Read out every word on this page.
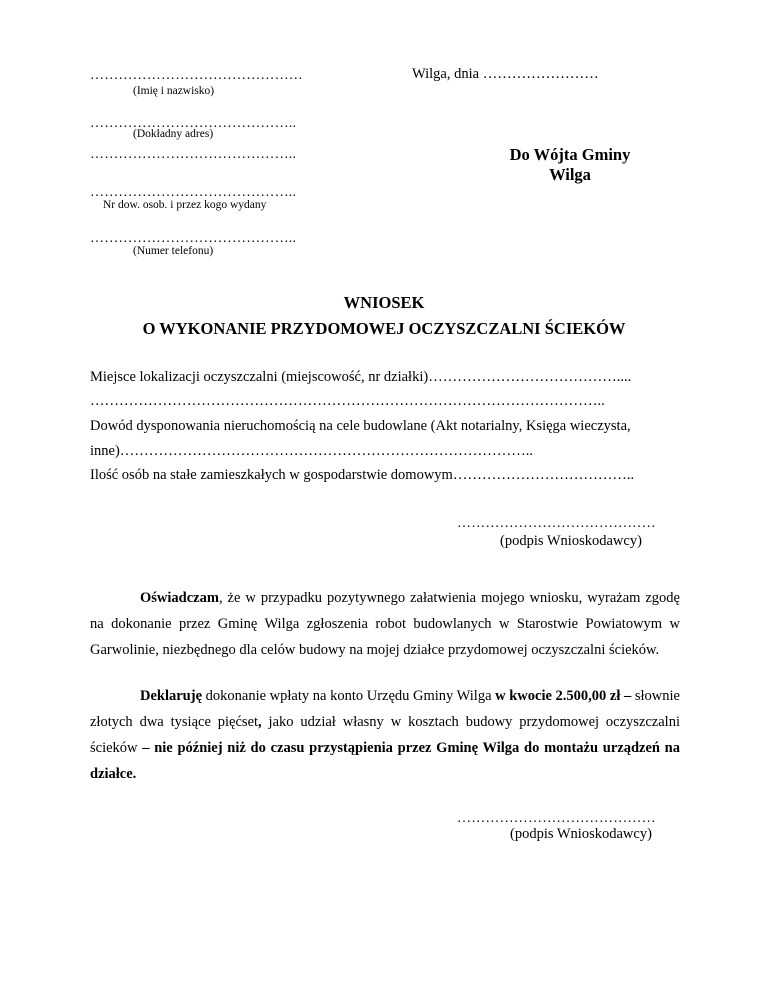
………………………………………
(Imię i nazwisko)
Wilga, dnia ……………………
……………………………………..
(Dokładny adres)
……………………………………..
……………………………………..
Nr dow. osob. i przez kogo wydany
……………………………………..
(Numer telefonu)
Do Wójta Gminy
Wilga
WNIOSEK
O WYKONANIE PRZYDOMOWEJ OCZYSZCZALNI ŚCIEKÓW
Miejsce lokalizacji oczyszczalni (miejscowość, nr działki)…………………………………....
……………………………………………………………………………………………..
Dowód dysponowania nieruchomością na cele budowlane (Akt notarialny, Księga wieczysta,
inne)…………………………………………………………………………..
Ilość osób na stałe zamieszkałych w gospodarstwie domowym………………………………..
……………………………………
(podpis Wnioskodawcy)
Oświadczam, że w przypadku pozytywnego załatwienia mojego wniosku, wyrażam zgodę na dokonanie przez Gminę Wilga zgłoszenia robot budowlanych w Starostwie Powiatowym w Garwolinie, niezbędnego dla celów budowy na mojej działce przydomowej oczyszczalni ścieków.
Deklaruję dokonanie wpłaty na konto Urzędu Gminy Wilga w kwocie 2.500,00 zł – słownie złotych dwa tysiące pięćset, jako udział własny w kosztach budowy przydomowej oczyszczalni ścieków – nie później niż do czasu przystąpienia przez Gminę Wilga do montażu urządzeń na działce.
……………………………………
(podpis Wnioskodawcy)
